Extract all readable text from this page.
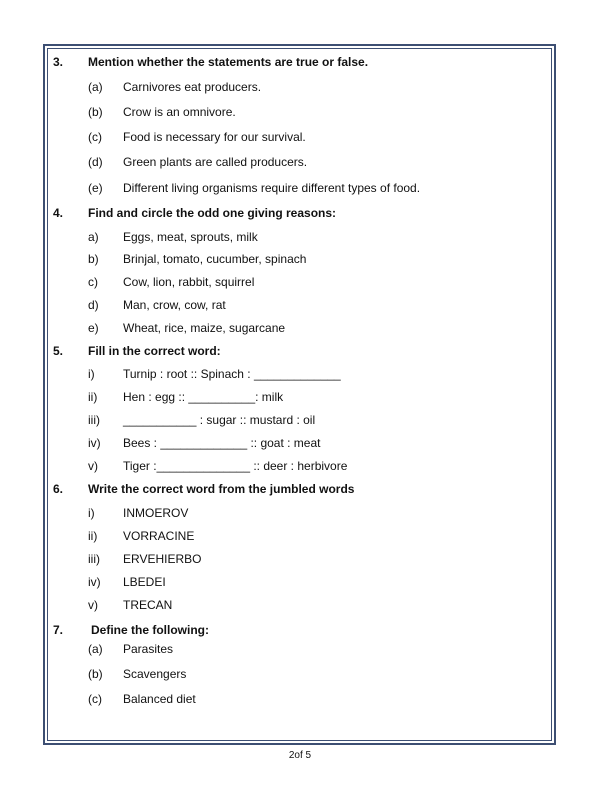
3. Mention whether the statements are true or false.
(a) Carnivores eat producers.
(b) Crow is an omnivore.
(c) Food is necessary for our survival.
(d) Green plants are called producers.
(e) Different living organisms require different types of food.
4. Find and circle the odd one giving reasons:
a) Eggs, meat, sprouts, milk
b) Brinjal, tomato, cucumber, spinach
c) Cow, lion, rabbit, squirrel
d) Man, crow, cow, rat
e) Wheat, rice, maize, sugarcane
5. Fill in the correct word:
i) Turnip : root :: Spinach : _____________
ii) Hen : egg :: __________: milk
iii) ___________ : sugar :: mustard : oil
iv) Bees : _____________ :: goat : meat
v) Tiger :______________ :: deer : herbivore
6. Write the correct word from the jumbled words
i) INMOEROV
ii) VORRACINE
iii) ERVEHIERBO
iv) LBEDEI
v) TRECAN
7. Define the following:
(a) Parasites
(b) Scavengers
(c) Balanced diet
2of 5
